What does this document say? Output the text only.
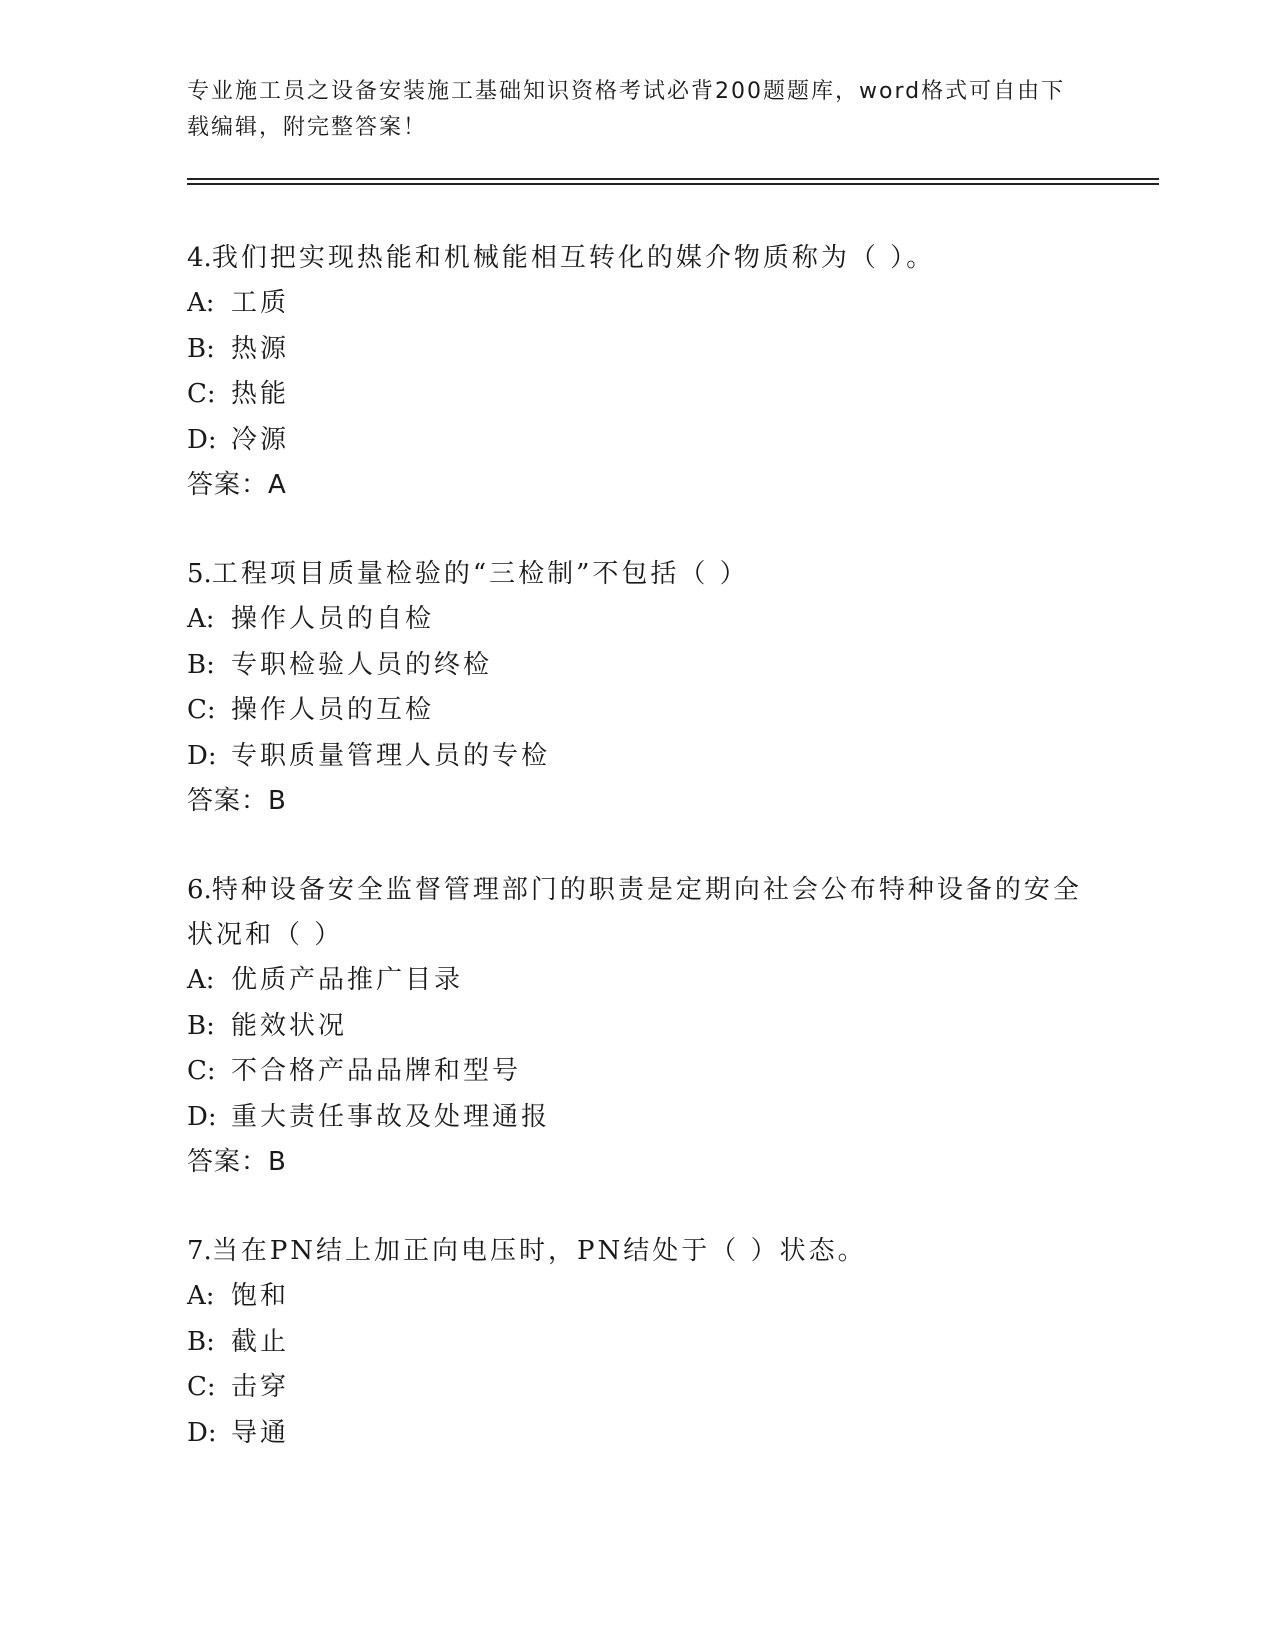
专业施工员之设备安装施工基础知识资格考试必背200题题库，word格式可自由下载编辑，附完整答案！
4.我们把实现热能和机械能相互转化的媒介物质称为（ ）。
A: 工质
B: 热源
C: 热能
D: 冷源
答案：A
5.工程项目质量检验的“三检制”不包括（ ）
A: 操作人员的自检
B: 专职检验人员的终检
C: 操作人员的互检
D: 专职质量管理人员的专检
答案：B
6.特种设备安全监督管理部门的职责是定期向社会公布特种设备的安全状况和（ ）
A: 优质产品推广目录
B: 能效状况
C: 不合格产品品牌和型号
D: 重大责任事故及处理通报
答案：B
7.当在PN结上加正向电压时，PN结处于（ ）状态。
A: 饱和
B: 截止
C: 击穿
D: 导通
